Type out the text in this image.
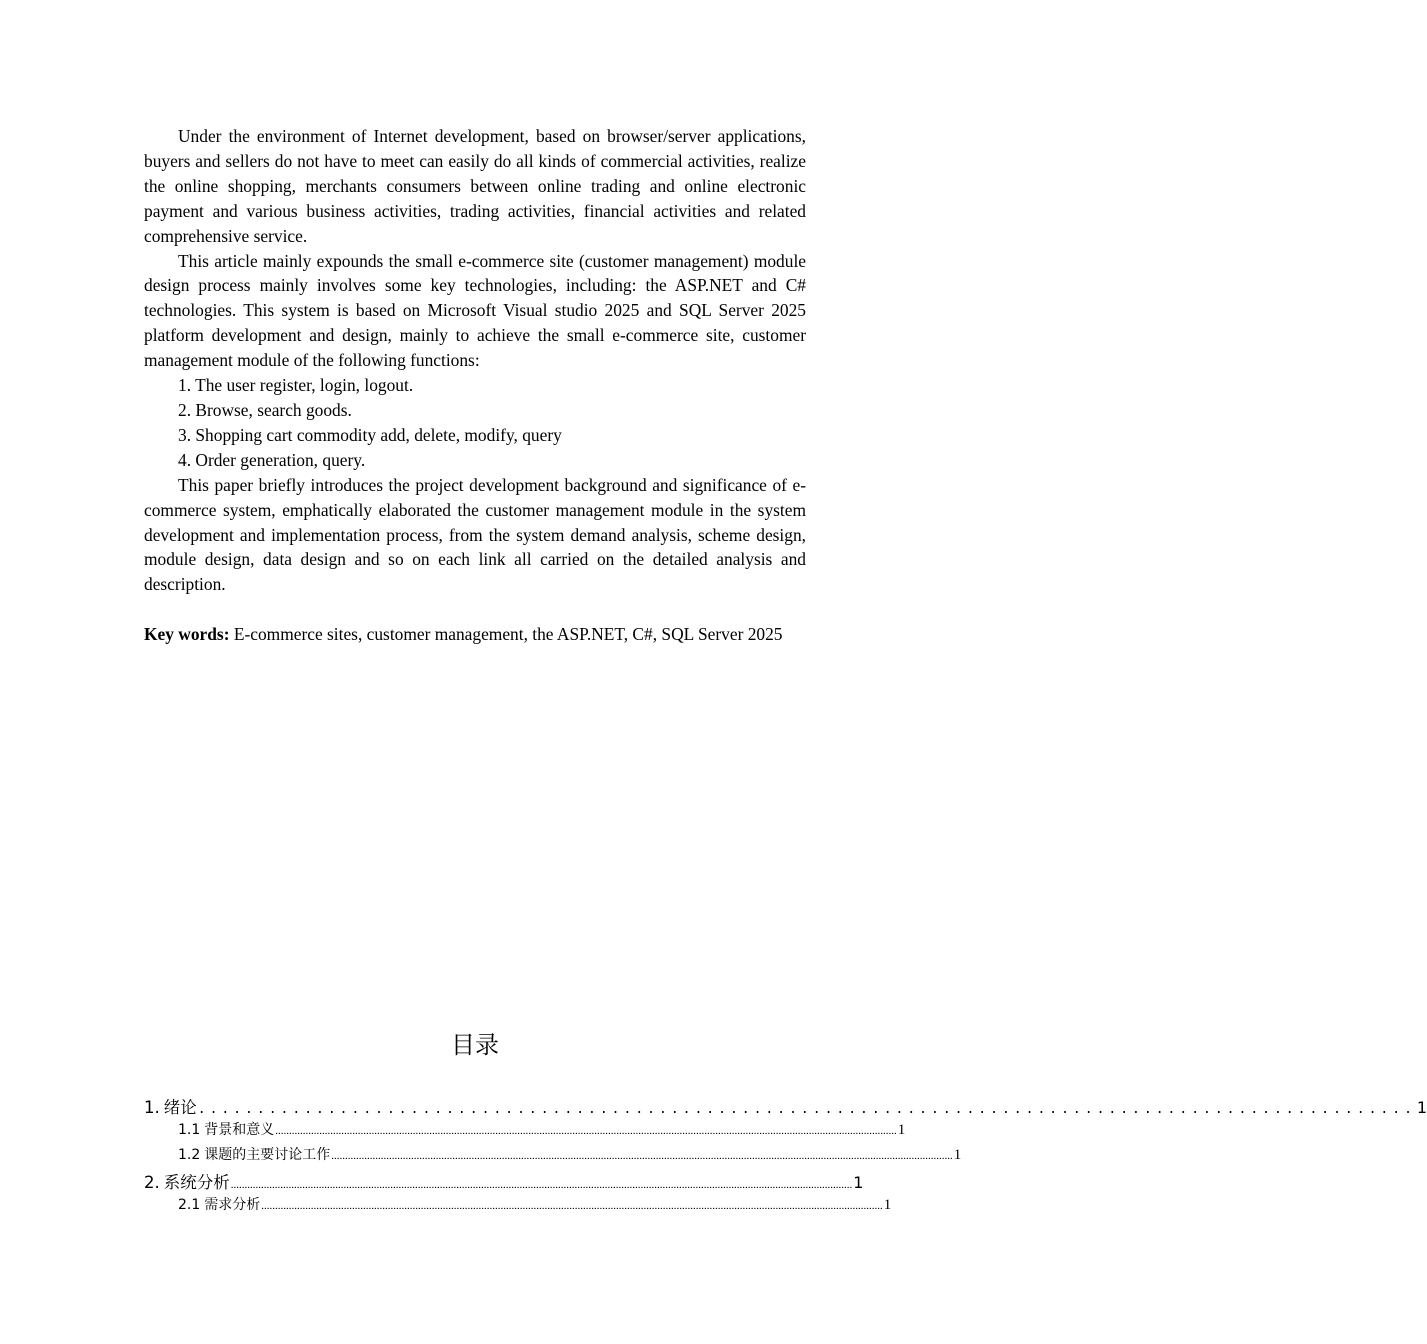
Under the environment of Internet development, based on browser/server applications, buyers and sellers do not have to meet can easily do all kinds of commercial activities, realize the online shopping, merchants consumers between online trading and online electronic payment and various business activities, trading activities, financial activities and related comprehensive service.

This article mainly expounds the small e-commerce site (customer management) module design process mainly involves some key technologies, including: the ASP.NET and C# technologies. This system is based on Microsoft Visual studio 2025 and SQL Server 2025 platform development and design, mainly to achieve the small e-commerce site, customer management module of the following functions:

1. The user register, login, logout.

2. Browse, search goods.

3. Shopping cart commodity add, delete, modify, query

4. Order generation, query.

This paper briefly introduces the project development background and significance of e-commerce system, emphatically elaborated the customer management module in the system development and implementation process, from the system demand analysis, scheme design, module design, data design and so on each link all carried on the detailed analysis and description.

Key words: E-commerce sites, customer management, the ASP.NET, C#, SQL Server 2025

目录
1. 绪论 ....................................................................................................... 1
1.1 背景和意义 .................................................................................................................................................................................................................................. 1
1.2 课题的主要讨论工作 .................................................................................................................................................................................................................................. 1
2. 系统分析 .................................................................................................................................................................................................................................. 1
2.1 需求分析 .................................................................................................................................................................................................................................. 1
